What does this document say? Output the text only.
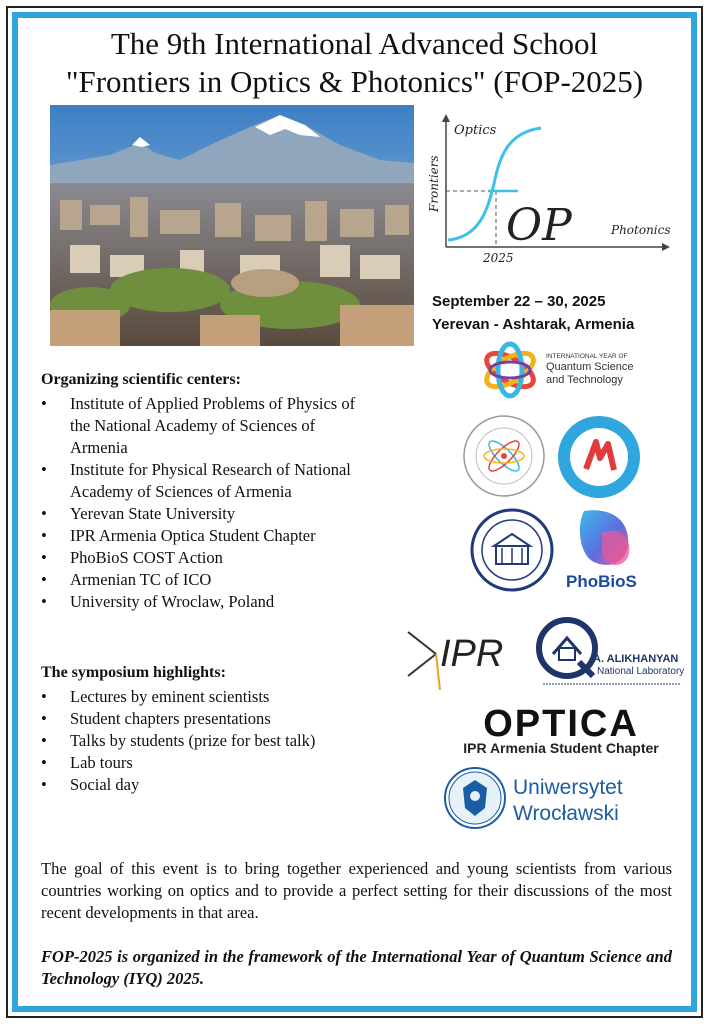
The 9th International Advanced School
"Frontiers in Optics & Photonics" (FOP-2025)
Optics
Photonics
Frontiers
2025
OP
September 22 – 30, 2025
Yerevan - Ashtarak, Armenia
Organizing scientific centers:
• Institute of Applied Problems of Physics of
the National Academy of Sciences of
Armenia
• Institute for Physical Research of National
Academy of Sciences of Armenia
• Yerevan State University
• IPR Armenia Optica Student Chapter
• PhoBioS COST Action
• Armenian TC of ICO
• University of Wroclaw, Poland
The symposium highlights:
• Lectures by eminent scientists
• Student chapters presentations
• Talks by students (prize for best talk)
• Lab tours
• Social day
INTERNATIONAL YEAR OF
Quantum Science
and Technology
PhoBioS
IPR	A. ALIKHANYAN
National Laboratory
OPTICA
IPR Armenia Student Chapter
Uniwersytet
Wrocławski
The goal of this event is to bring together experienced and young scientists from various countries working on optics and to provide a perfect setting for their discussions of the most recent developments in that area.
FOP-2025 is organized in the framework of the International Year of Quantum Science and Technology (IYQ) 2025.
